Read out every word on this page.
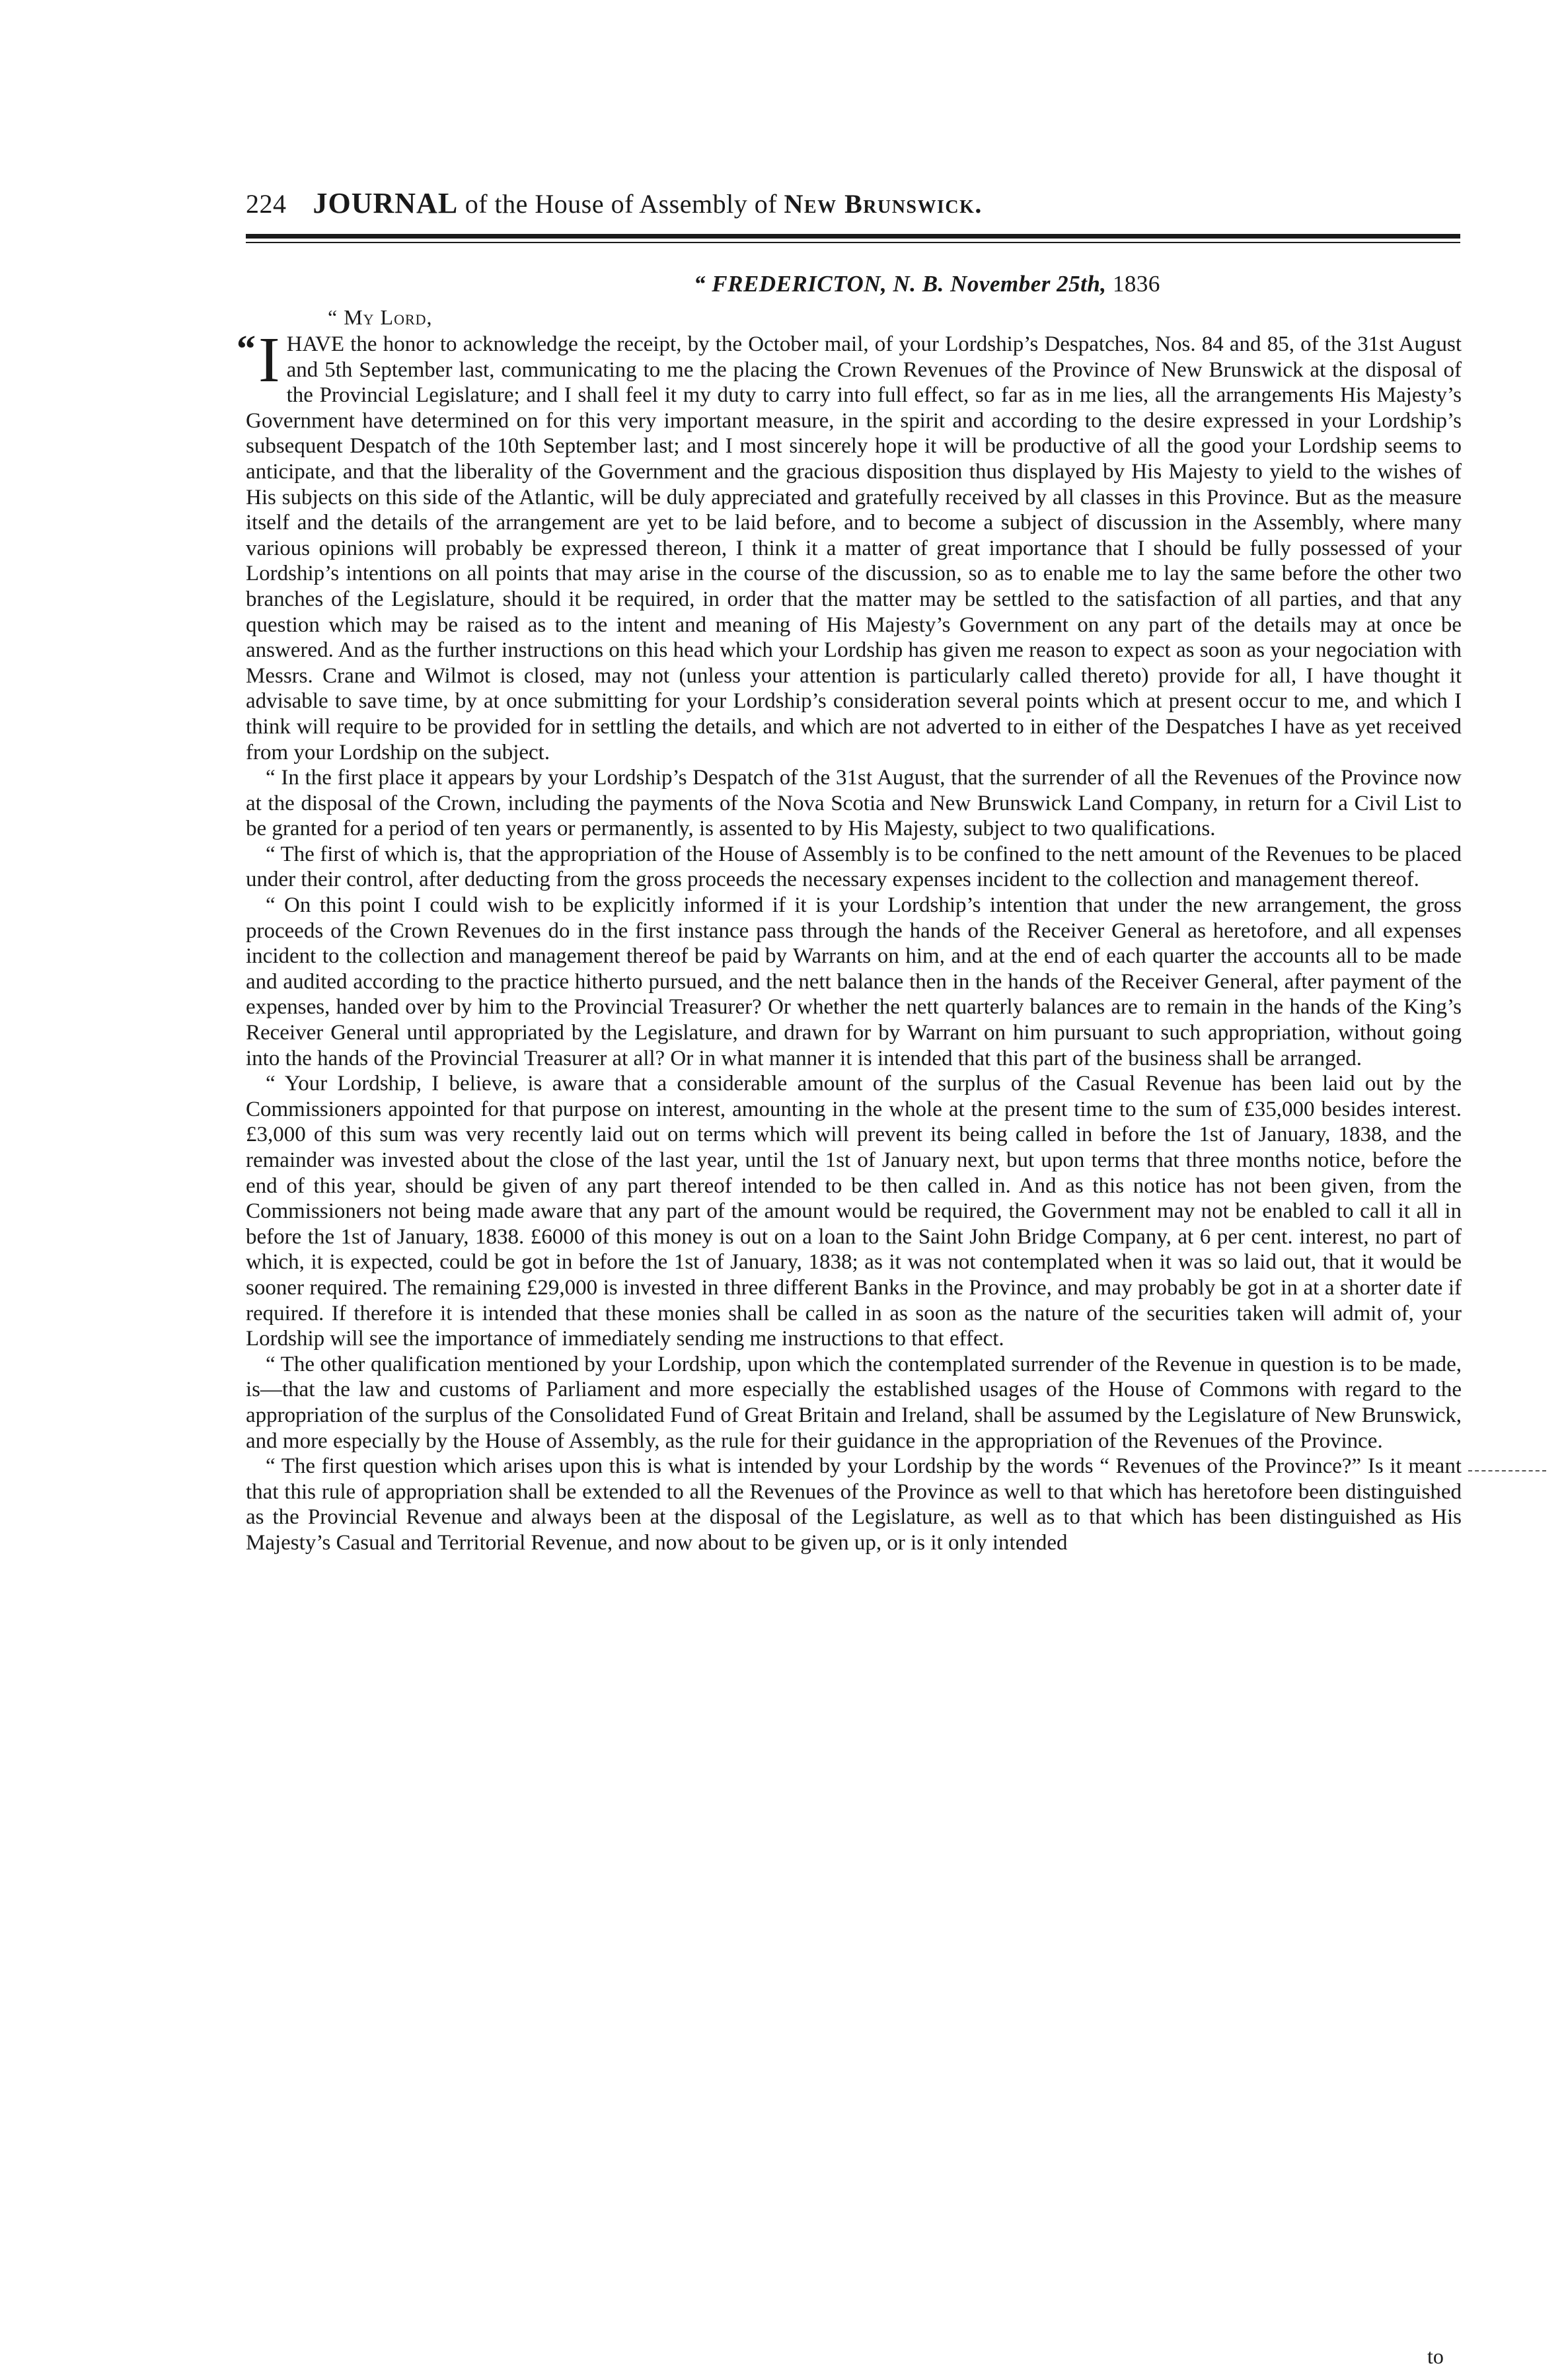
224 JOURNAL of the House of Assembly of New Brunswick.
“ FREDERICTON, N. B. November 25th, 1836
“ My Lord,

“ I HAVE the honor to acknowledge the receipt, by the October mail, of your Lordship’s Despatches, Nos. 84 and 85, of the 31st August and 5th September last, communicating to me the placing the Crown Revenues of the Province of New Brunswick at the disposal of the Provincial Legislature; and I shall feel it my duty to carry into full effect, so far as in me lies, all the arrangements His Majesty’s Government have determined on for this very important measure, in the spirit and according to the desire expressed in your Lordship’s subsequent Despatch of the 10th September last; and I most sincerely hope it will be productive of all the good your Lordship seems to anticipate, and that the liberality of the Government and the gracious disposition thus displayed by His Majesty to yield to the wishes of His subjects on this side of the Atlantic, will be duly appreciated and gratefully received by all classes in this Province. But as the measure itself and the details of the arrangement are yet to be laid before, and to become a subject of discussion in the Assembly, where many various opinions will probably be expressed thereon, I think it a matter of great importance that I should be fully possessed of your Lordship’s intentions on all points that may arise in the course of the discussion, so as to enable me to lay the same before the other two branches of the Legislature, should it be required, in order that the matter may be settled to the satisfaction of all parties, and that any question which may be raised as to the intent and meaning of His Majesty’s Government on any part of the details may at once be answered. And as the further instructions on this head which your Lordship has given me reason to expect as soon as your negociation with Messrs. Crane and Wilmot is closed, may not (unless your attention is particularly called thereto) provide for all, I have thought it advisable to save time, by at once submitting for your Lordship’s consideration several points which at present occur to me, and which I think will require to be provided for in settling the details, and which are not adverted to in either of the Despatches I have as yet received from your Lordship on the subject.

“ In the first place it appears by your Lordship’s Despatch of the 31st August, that the surrender of all the Revenues of the Province now at the disposal of the Crown, including the payments of the Nova Scotia and New Brunswick Land Company, in return for a Civil List to be granted for a period of ten years or permanently, is assented to by His Majesty, subject to two qualifications.

“ The first of which is, that the appropriation of the House of Assembly is to be confined to the nett amount of the Revenues to be placed under their control, after deducting from the gross proceeds the necessary expenses incident to the collection and management thereof.

“ On this point I could wish to be explicitly informed if it is your Lordship’s intention that under the new arrangement, the gross proceeds of the Crown Revenues do in the first instance pass through the hands of the Receiver General as heretofore, and all expenses incident to the collection and management thereof be paid by Warrants on him, and at the end of each quarter the accounts all to be made and audited according to the practice hitherto pursued, and the nett balance then in the hands of the Receiver General, after payment of the expenses, handed over by him to the Provincial Treasurer? Or whether the nett quarterly balances are to remain in the hands of the King’s Receiver General until appropriated by the Legislature, and drawn for by Warrant on him pursuant to such appropriation, without going into the hands of the Provincial Treasurer at all? Or in what manner it is intended that this part of the business shall be arranged.

“ Your Lordship, I believe, is aware that a considerable amount of the surplus of the Casual Revenue has been laid out by the Commissioners appointed for that purpose on interest, amounting in the whole at the present time to the sum of £35,000 besides interest. £3,000 of this sum was very recently laid out on terms which will prevent its being called in before the 1st of January, 1838, and the remainder was invested about the close of the last year, until the 1st of January next, but upon terms that three months notice, before the end of this year, should be given of any part thereof intended to be then called in. And as this notice has not been given, from the Commissioners not being made aware that any part of the amount would be required, the Government may not be enabled to call it all in before the 1st of January, 1838. £6000 of this money is out on a loan to the Saint John Bridge Company, at 6 per cent. interest, no part of which, it is expected, could be got in before the 1st of January, 1838; as it was not contemplated when it was so laid out, that it would be sooner required. The remaining £29,000 is invested in three different Banks in the Province, and may probably be got in at a shorter date if required. If therefore it is intended that these monies shall be called in as soon as the nature of the securities taken will admit of, your Lordship will see the importance of immediately sending me instructions to that effect.

“ The other qualification mentioned by your Lordship, upon which the contemplated surrender of the Revenue in question is to be made, is—that the law and customs of Parliament and more especially the established usages of the House of Commons with regard to the appropriation of the surplus of the Consolidated Fund of Great Britain and Ireland, shall be assumed by the Legislature of New Brunswick, and more especially by the House of Assembly, as the rule for their guidance in the appropriation of the Revenues of the Province.

“ The first question which arises upon this is what is intended by your Lordship by the words “ Revenues of the Province?” Is it meant that this rule of appropriation shall be extended to all the Revenues of the Province as well to that which has heretofore been distinguished as the Provincial Revenue and always been at the disposal of the Legislature, as well as to that which has been distinguished as His Majesty’s Casual and Territorial Revenue, and now about to be given up, or is it only intended

to
